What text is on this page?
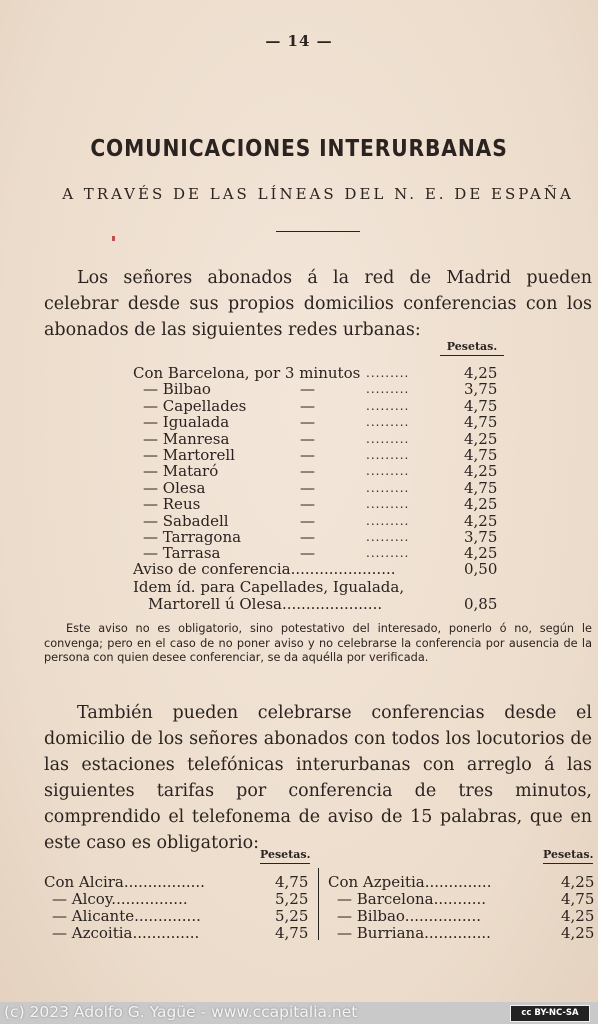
— 14 —
COMUNICACIONES INTERURBANAS
A TRAVÉS DE LAS LÍNEAS DEL N. E. DE ESPAÑA
Los señores abonados á la red de Madrid pueden celebrar desde sus propios domicilios conferencias con los abonados de las siguientes redes urbanas:
Pesetas.
Con Barcelona, por 3 minutos .........	4,25
— Bilbao	—	.........	3,75
— Capellades	—	.........	4,75
— Igualada	—	.........	4,75
— Manresa	—	.........	4,25
— Martorell	—	.........	4,75
— Mataró	—	.........	4,25
— Olesa	—	.........	4,75
— Reus	—	.........	4,25
— Sabadell	—	.........	4,25
— Tarragona	—	.........	3,75
— Tarrasa	—	.........	4,25
Aviso de conferencia......................	0,50
Idem íd. para Capellades, Igualada,
Martorell ú Olesa.....................	0,85
Este aviso no es obligatorio, sino potestativo del interesado, ponerlo ó no, según le convenga; pero en el caso de no poner aviso y no celebrarse la conferencia por ausencia de la persona con quien desee conferenciar, se da aquélla por verificada.
También pueden celebrarse conferencias desde el domicilio de los señores abonados con todos los locutorios de las estaciones telefónicas interurbanas con arreglo á las siguientes tarifas por conferencia de tres minutos, comprendido el telefonema de aviso de 15 palabras, que en este caso es obligatorio:
Pesetas.	Pesetas.
Con Alcira.................	4,75
— Alcoy................	5,25
— Alicante..............	5,25
— Azcoitia..............	4,75
Con Azpeitia..............	4,25
— Barcelona...........	4,75
— Bilbao................	4,25
— Burriana..............	4,25
(c) 2023 Adolfo G. Yagüe - www.ccapitalia.net	cc BY-NC-SA
